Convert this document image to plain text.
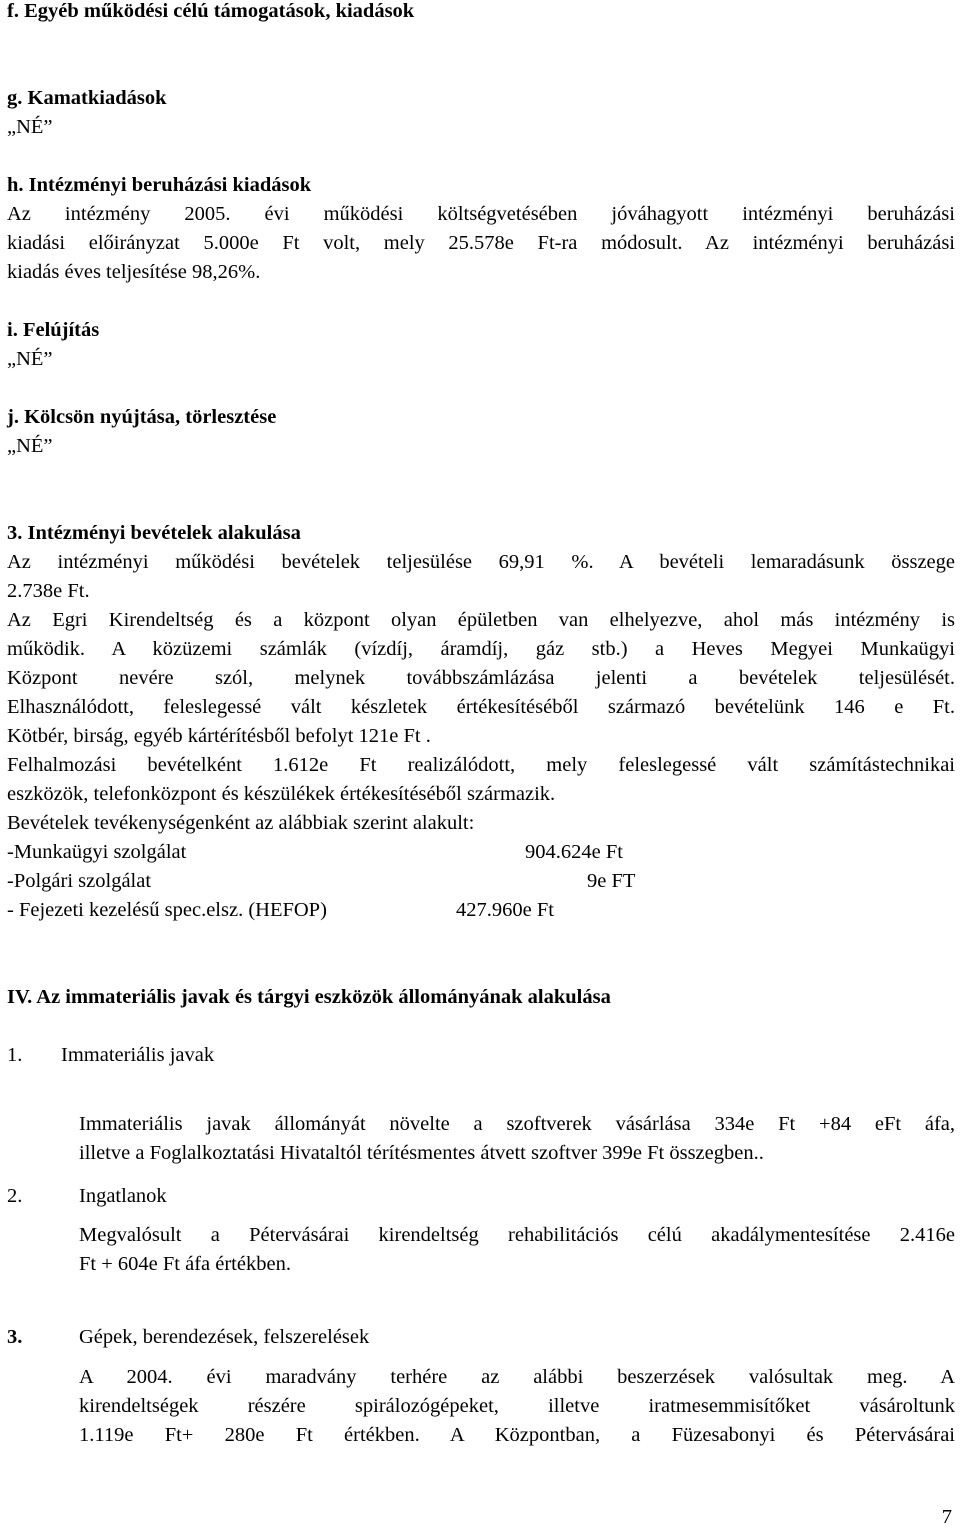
f. Egyéb működési célú támogatások, kiadások
g. Kamatkiadások
„NÉ”
h. Intézményi beruházási kiadások
Az intézmény 2005. évi működési költségvetésében jóváhagyott intézményi beruházási
kiadási előirányzat 5.000e Ft volt, mely 25.578e Ft-ra módosult. Az intézményi beruházási
kiadás éves teljesítése 98,26%.
i. Felújítás
„NÉ”
j. Kölcsön nyújtása, törlesztése
„NÉ”
3. Intézményi bevételek alakulása
Az intézményi működési bevételek teljesülése 69,91 %. A bevételi lemaradásunk összege
2.738e Ft.
Az Egri Kirendeltség és a központ olyan épületben van elhelyezve, ahol más intézmény is
működik. A közüzemi számlák (vízdíj, áramdíj, gáz stb.) a Heves Megyei Munkaügyi
Központ nevére szól, melynek továbbszámlázása jelenti a bevételek teljesülését.
Elhasználódott, feleslegessé vált készletek értékesítéséből származó bevételünk 146 e Ft.
Kötbér, birság, egyéb kártérítésből befolyt 121e Ft .
Felhalmozási bevételként 1.612e Ft realizálódott, mely feleslegessé vált számítástechnikai
eszközök, telefonközpont és készülékek értékesítéséből származik.
Bevételek tevékenységenként az alábbiak szerint alakult:
-Munkaügyi szolgálat	904.624e Ft
-Polgári szolgálat	9e FT
- Fejezeti kezelésű spec.elsz. (HEFOP)	427.960e Ft
IV. Az immateriális javak és tárgyi eszközök állományának alakulása
1. Immateriális javak
Immateriális javak állományát növelte a szoftverek vásárlása 334e Ft +84 eFt áfa,
illetve a Foglalkoztatási Hivataltól térítésmentes átvett szoftver 399e Ft összegben..
2.	Ingatlanok
Megvalósult a Pétervásárai kirendeltség rehabilitációs célú akadálymentesítése 2.416e
Ft + 604e Ft áfa értékben.
3.	Gépek, berendezések, felszerelések
A 2004. évi maradvány terhére az alábbi beszerzések valósultak meg. A
kirendeltségek részére spirálozógépeket, illetve iratmesemmisítőket vásároltunk
1.119e Ft+ 280e Ft értékben. A Központban, a Füzesabonyi és Pétervásárai
7
